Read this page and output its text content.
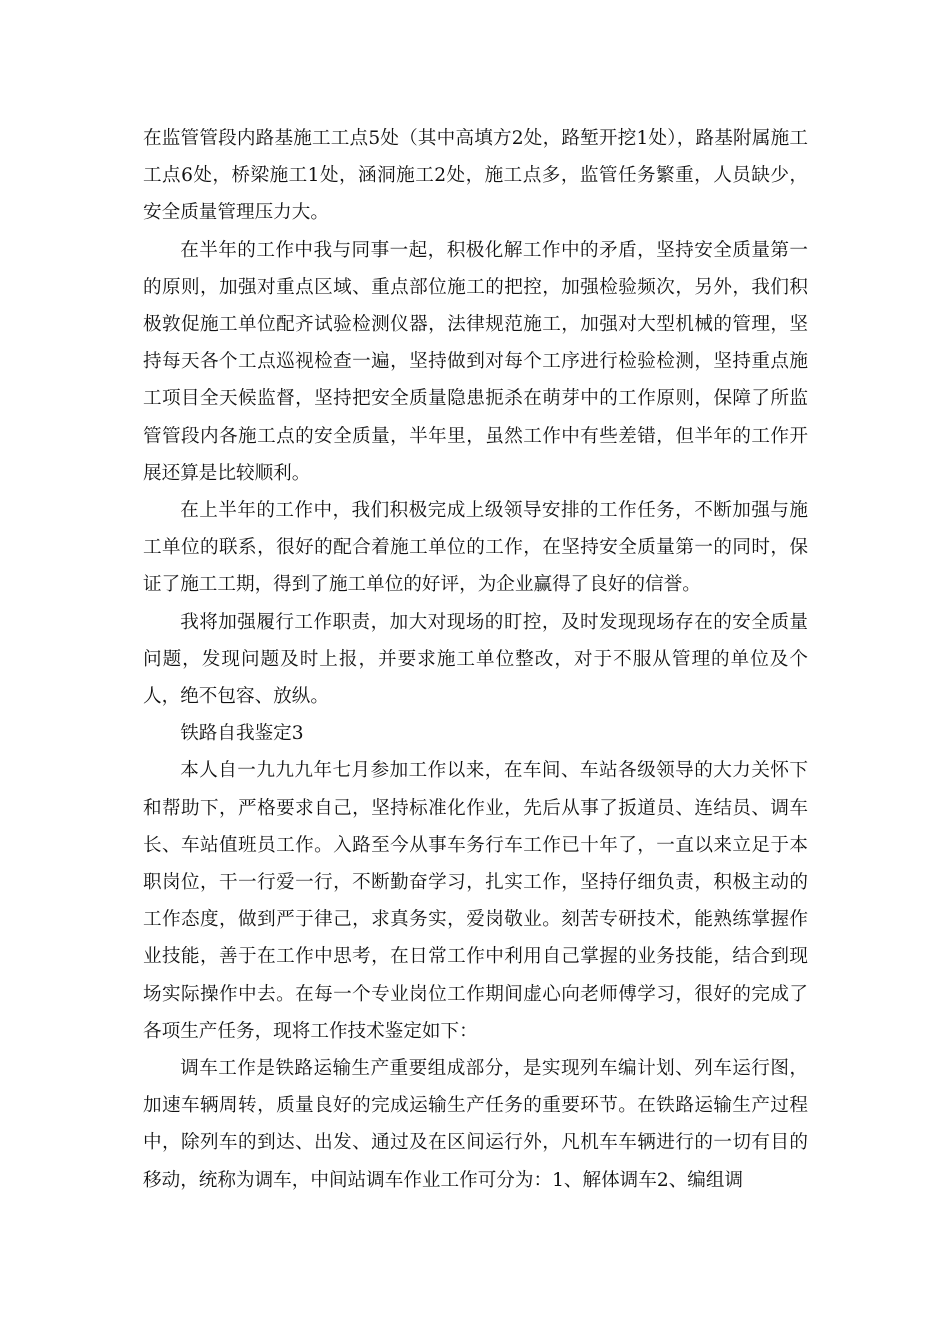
在监管管段内路基施工工点5处（其中高填方2处，路堑开挖1处），路基附属施工工点6处，桥梁施工1处，涵洞施工2处，施工点多，监管任务繁重，人员缺少，安全质量管理压力大。

在半年的工作中我与同事一起，积极化解工作中的矛盾，坚持安全质量第一的原则，加强对重点区域、重点部位施工的把控，加强检验频次，另外，我们积极敦促施工单位配齐试验检测仪器，法律规范施工，加强对大型机械的管理，坚持每天各个工点巡视检查一遍，坚持做到对每个工序进行检验检测，坚持重点施工项目全天候监督，坚持把安全质量隐患扼杀在萌芽中的工作原则，保障了所监管管段内各施工点的安全质量，半年里，虽然工作中有些差错，但半年的工作开展还算是比较顺利。

在上半年的工作中，我们积极完成上级领导安排的工作任务，不断加强与施工单位的联系，很好的配合着施工单位的工作，在坚持安全质量第一的同时，保证了施工工期，得到了施工单位的好评，为企业赢得了良好的信誉。

我将加强履行工作职责，加大对现场的盯控，及时发现现场存在的安全质量问题，发现问题及时上报，并要求施工单位整改，对于不服从管理的单位及个人，绝不包容、放纵。

铁路自我鉴定3

本人自一九九九年七月参加工作以来，在车间、车站各级领导的大力关怀下和帮助下，严格要求自己，坚持标准化作业，先后从事了扳道员、连结员、调车长、车站值班员工作。入路至今从事车务行车工作已十年了，一直以来立足于本职岗位，干一行爱一行，不断勤奋学习，扎实工作，坚持仔细负责，积极主动的工作态度，做到严于律己，求真务实，爱岗敬业。刻苦专研技术，能熟练掌握作业技能，善于在工作中思考，在日常工作中利用自己掌握的业务技能，结合到现场实际操作中去。在每一个专业岗位工作期间虚心向老师傅学习，很好的完成了各项生产任务，现将工作技术鉴定如下：

调车工作是铁路运输生产重要组成部分，是实现列车编计划、列车运行图，加速车辆周转，质量良好的完成运输生产任务的重要环节。在铁路运输生产过程中，除列车的到达、出发、通过及在区间运行外，凡机车车辆进行的一切有目的移动，统称为调车，中间站调车作业工作可分为：1、解体调车2、编组调
